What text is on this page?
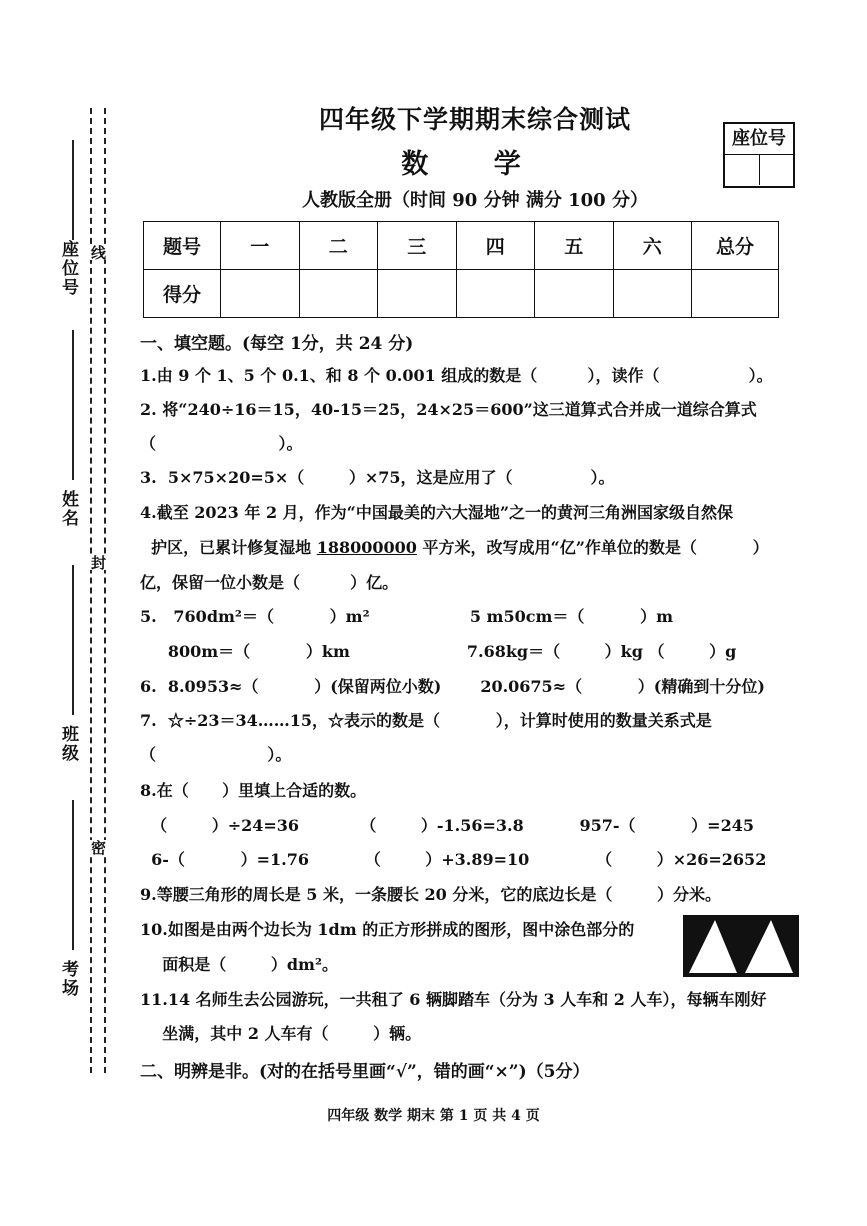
座位号
姓名
班级
考场
线
封
密
四年级下学期期末综合测试
数 学
人教版全册（时间 90 分钟 满分 100 分）
座位号
题号	一	二	三	四	五	六	总分
得分							
一、填空题。(每空 1分，共 24 分)
1.由 9 个 1、5 个 0.1、和 8 个 0.001 组成的数是（         ），读作（                ）。
2. 将“240÷16＝15，40-15＝25，24×25＝600”这三道算式合并成一道综合算式
（                      ）。
3.  5×75×20=5×（        ）×75，这是应用了（              ）。
4.截至 2023 年 2 月，作为“中国最美的六大湿地”之一的黄河三角洲国家级自然保
护区，已累计修复湿地 188000000 平方米，改写成用“亿”作单位的数是（          ）
亿，保留一位小数是（         ）亿。
5.   760dm²＝（          ）m²                  5 m50cm＝（          ）m
800m＝（          ）km                     7.68kg＝（        ）kg （        ）g
6.  8.0953≈（          ）(保留两位小数)       20.0675≈（          ）(精确到十分位)
7.  ☆÷23＝34……15，☆表示的数是（          ），计算时使用的数量关系式是
（                    ）。
8.在（      ）里填上合适的数。
（        ）÷24=36           （        ）-1.56=3.8          957-（          ）=245
6-（          ）=1.76          （        ）+3.89=10            （        ）×26=2652
9.等腰三角形的周长是 5 米，一条腰长 20 分米，它的底边长是（        ）分米。
10.如图是由两个边长为 1dm 的正方形拼成的图形，图中涂色部分的
面积是（        ）dm²。
11.14 名师生去公园游玩，一共租了 6 辆脚踏车（分为 3 人车和 2 人车），每辆车刚好
坐满，其中 2 人车有（        ）辆。
二、明辨是非。(对的在括号里画“√”，错的画“×”)（5分）
四年级 数学 期末 第 1 页 共 4 页
